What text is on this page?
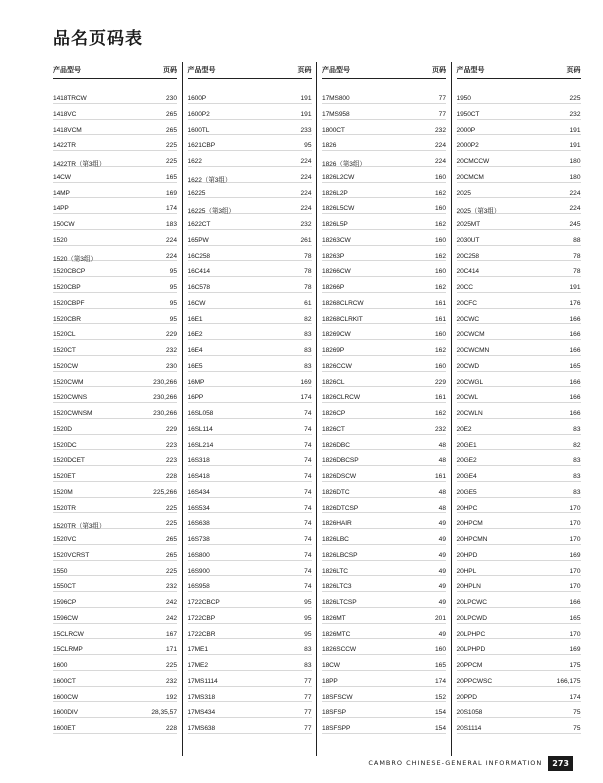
品名页码表
产品型号	页码
1418TRCW	230
1418VC	265
1418VCM	265
1422TR	225
1422TR（第3组）	225
14CW	165
14MP	169
14PP	174
150CW	183
1520	224
1520（第3组）	224
1520CBCP	95
1520CBP	95
1520CBPF	95
1520CBR	95
1520CL	229
1520CT	232
1520CW	230
1520CWM	230,266
1520CWNS	230,266
1520CWNSM	230,266
1520D	229
1520DC	223
1520DCET	223
1520ET	228
1520M	225,266
1520TR	225
1520TR（第3组）	225
1520VC	265
1520VCRST	265
1550	225
1550CT	232
1596CP	242
1596CW	242
15CLRCW	167
15CLRMP	171
1600	225
1600CT	232
1600CW	192
1600DIV	28,35,57
1600ET	228
产品型号	页码
1600P	191
1600P2	191
1600TL	233
1621CBP	95
1622	224
1622（第3组）	224
16225	224
16225（第3组）	224
1622CT	232
165PW	261
16C258	78
16C414	78
16C578	78
16CW	61
16E1	82
16E2	83
16E4	83
16E5	83
16MP	169
16PP	174
16SL058	74
16SL114	74
16SL214	74
16S318	74
16S418	74
16S434	74
16S534	74
16S638	74
16S738	74
16S800	74
16S900	74
16S958	74
1722CBCP	95
1722CBP	95
1722CBR	95
17ME1	83
17ME2	83
17MS1114	77
17MS318	77
17MS434	77
17MS638	77
产品型号	页码
17MS800	77
17MS958	77
1800CT	232
1826	224
1826（第3组）	224
1826L2CW	160
1826L2P	162
1826L5CW	160
1826L5P	162
18263CW	160
18263P	162
18266CW	160
18266P	162
18268CLRCW	161
18268CLRKIT	161
18269CW	160
18269P	162
1826CCW	160
1826CL	229
1826CLRCW	161
1826CP	162
1826CT	232
1826DBC	48
1826DBCSP	48
1826DSCW	161
1826DTC	48
1826DTCSP	48
1826HAIR	49
1826LBC	49
1826LBCSP	49
1826LTC	49
1826LTC3	49
1826LTCSP	49
1826MT	201
1826MTC	49
1826SCCW	160
18CW	165
18PP	174
18SFSCW	152
18SFSP	154
18SFSPP	154
产品型号	页码
1950	225
1950CT	232
2000P	191
2000P2	191
20CMCCW	180
20CMCM	180
2025	224
2025（第3组）	224
2025MT	245
2030UT	88
20C258	78
20C414	78
20CC	191
20CFC	176
20CWC	166
20CWCM	166
20CWCMN	166
20CWD	165
20CWGL	166
20CWL	166
20CWLN	166
20E2	83
20GE1	82
20GE2	83
20GE4	83
20GE5	83
20HPC	170
20HPCM	170
20HPCMN	170
20HPD	169
20HPL	170
20HPLN	170
20LPCWC	166
20LPCWD	165
20LPHPC	170
20LPHPD	169
20PPCM	175
20PPCWSC	166,175
20PPD	174
20S1058	75
20S1114	75
CAMBRO CHINESE-GENERAL INFORMATION	273
